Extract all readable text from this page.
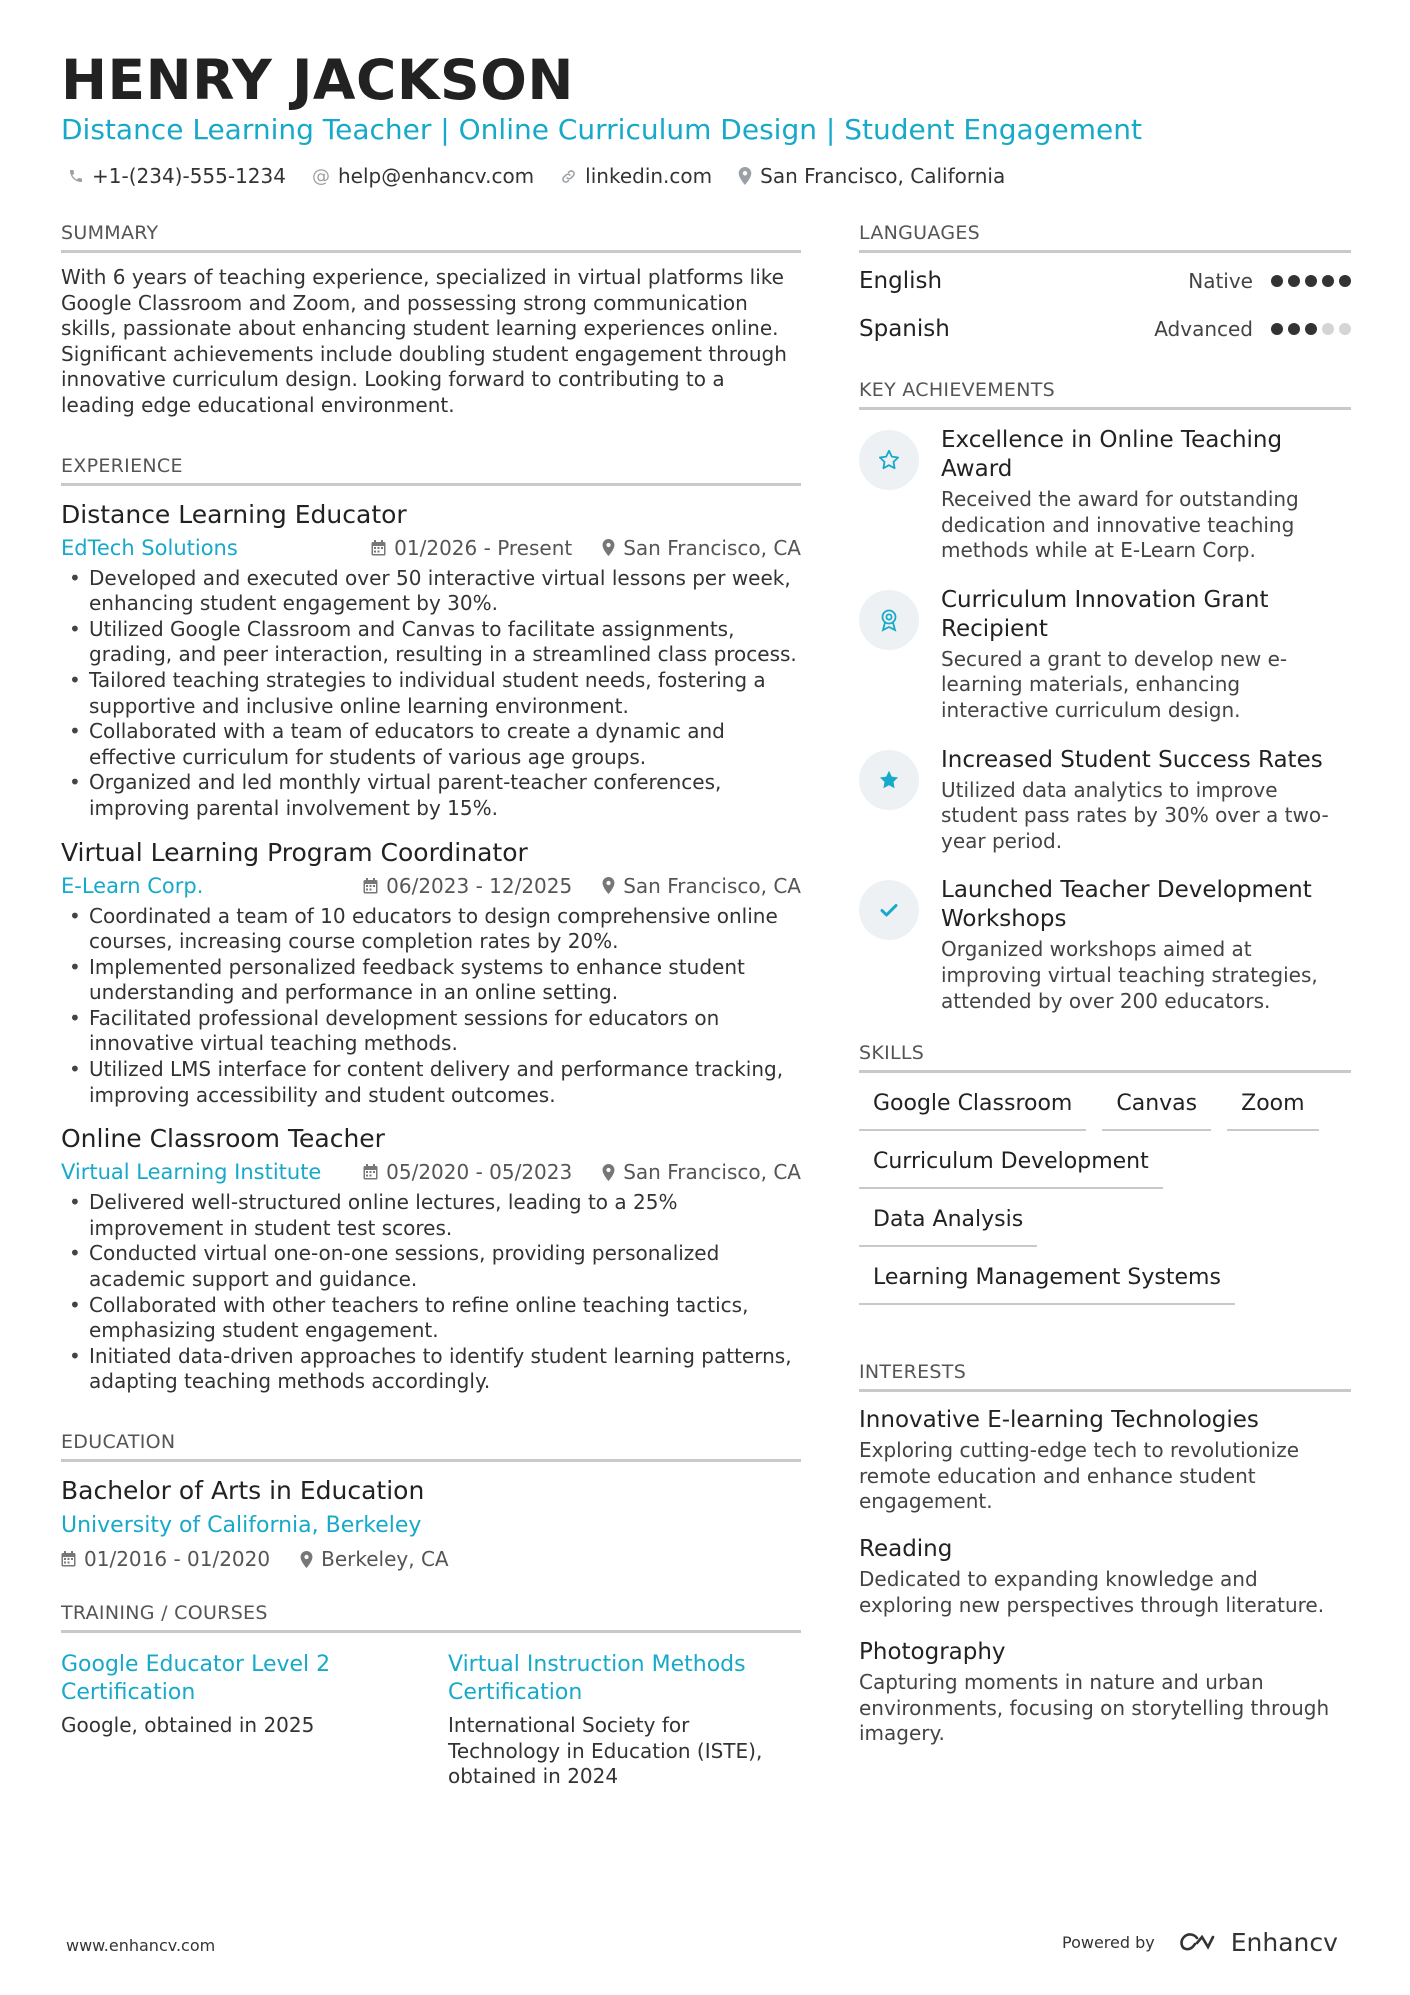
HENRY JACKSON
Distance Learning Teacher | Online Curriculum Design | Student Engagement
+1-(234)-555-1234 @ help@enhancv.com	linkedin.com San Francisco, California
SUMMARY

With 6 years of teaching experience, specialized in virtual platforms like Google Classroom and Zoom, and possessing strong communication skills, passionate about enhancing student learning experiences online. Significant achievements include doubling student engagement through innovative curriculum design. Looking forward to contributing to a leading edge educational environment.

EXPERIENCE
Distance Learning Educator
EdTech Solutions	01/2026 - Present	San Francisco, CA
• Developed and executed over 50 interactive virtual lessons per week, enhancing student engagement by 30%.
• Utilized Google Classroom and Canvas to facilitate assignments, grading, and peer interaction, resulting in a streamlined class process.
• Tailored teaching strategies to individual student needs, fostering a supportive and inclusive online learning environment.
• Collaborated with a team of educators to create a dynamic and effective curriculum for students of various age groups.
• Organized and led monthly virtual parent-teacher conferences, improving parental involvement by 15%.
Virtual Learning Program Coordinator
E-Learn Corp.	06/2023 - 12/2025	San Francisco, CA
• Coordinated a team of 10 educators to design comprehensive online courses, increasing course completion rates by 20%.
• Implemented personalized feedback systems to enhance student understanding and performance in an online setting.
• Facilitated professional development sessions for educators on innovative virtual teaching methods.
• Utilized LMS interface for content delivery and performance tracking, improving accessibility and student outcomes.
Online Classroom Teacher
Virtual Learning Institute	05/2020 - 05/2023	San Francisco, CA
• Delivered well-structured online lectures, leading to a 25% improvement in student test scores.
• Conducted virtual one-on-one sessions, providing personalized academic support and guidance.
• Collaborated with other teachers to refine online teaching tactics, emphasizing student engagement.
• Initiated data-driven approaches to identify student learning patterns, adapting teaching methods accordingly.
EDUCATION
Bachelor of Arts in Education
University of California, Berkeley
01/2016 - 01/2020	Berkeley, CA
TRAINING / COURSES
Google Educator Level 2 Certification
Google, obtained in 2025
Virtual Instruction Methods Certification
International Society for Technology in Education (ISTE), obtained in 2024
LANGUAGES
English	Native
Spanish	Advanced
KEY ACHIEVEMENTS
Excellence in Online Teaching Award
Received the award for outstanding dedication and innovative teaching methods while at E-Learn Corp.
Curriculum Innovation Grant Recipient
Secured a grant to develop new e-learning materials, enhancing interactive curriculum design.
Increased Student Success Rates
Utilized data analytics to improve student pass rates by 30% over a two-year period.
Launched Teacher Development Workshops
Organized workshops aimed at improving virtual teaching strategies, attended by over 200 educators.
SKILLS
Google Classroom	Canvas	Zoom
Curriculum Development
Data Analysis
Learning Management Systems
INTERESTS
Innovative E-learning Technologies
Exploring cutting-edge tech to revolutionize remote education and enhance student engagement.
Reading
Dedicated to expanding knowledge and exploring new perspectives through literature.
Photography
Capturing moments in nature and urban environments, focusing on storytelling through imagery.
www.enhancv.com	Powered by	Enhancv
